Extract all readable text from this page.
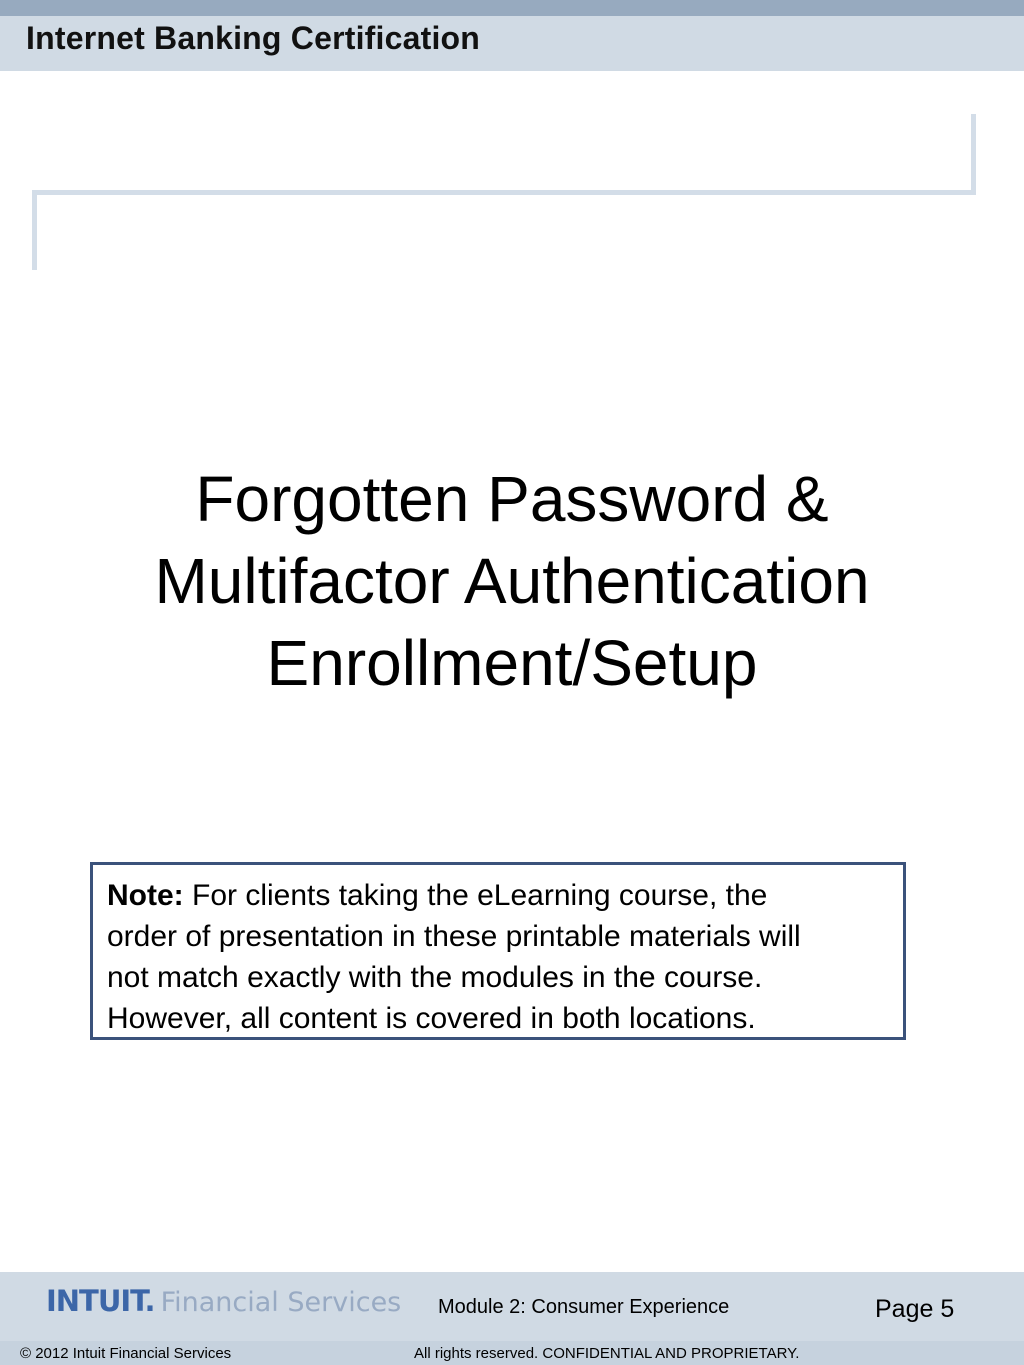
Internet Banking Certification
Forgotten Password &
Multifactor Authentication
Enrollment/Setup
Note: For clients taking the eLearning course, the
order of presentation in these printable materials will
not match exactly with the modules in the course.
However, all content is covered in both locations.
INTUIT. Financial Services Module 2: Consumer Experience	Page 5
© 2012 Intuit Financial Services	All rights reserved. CONFIDENTIAL AND PROPRIETARY.
